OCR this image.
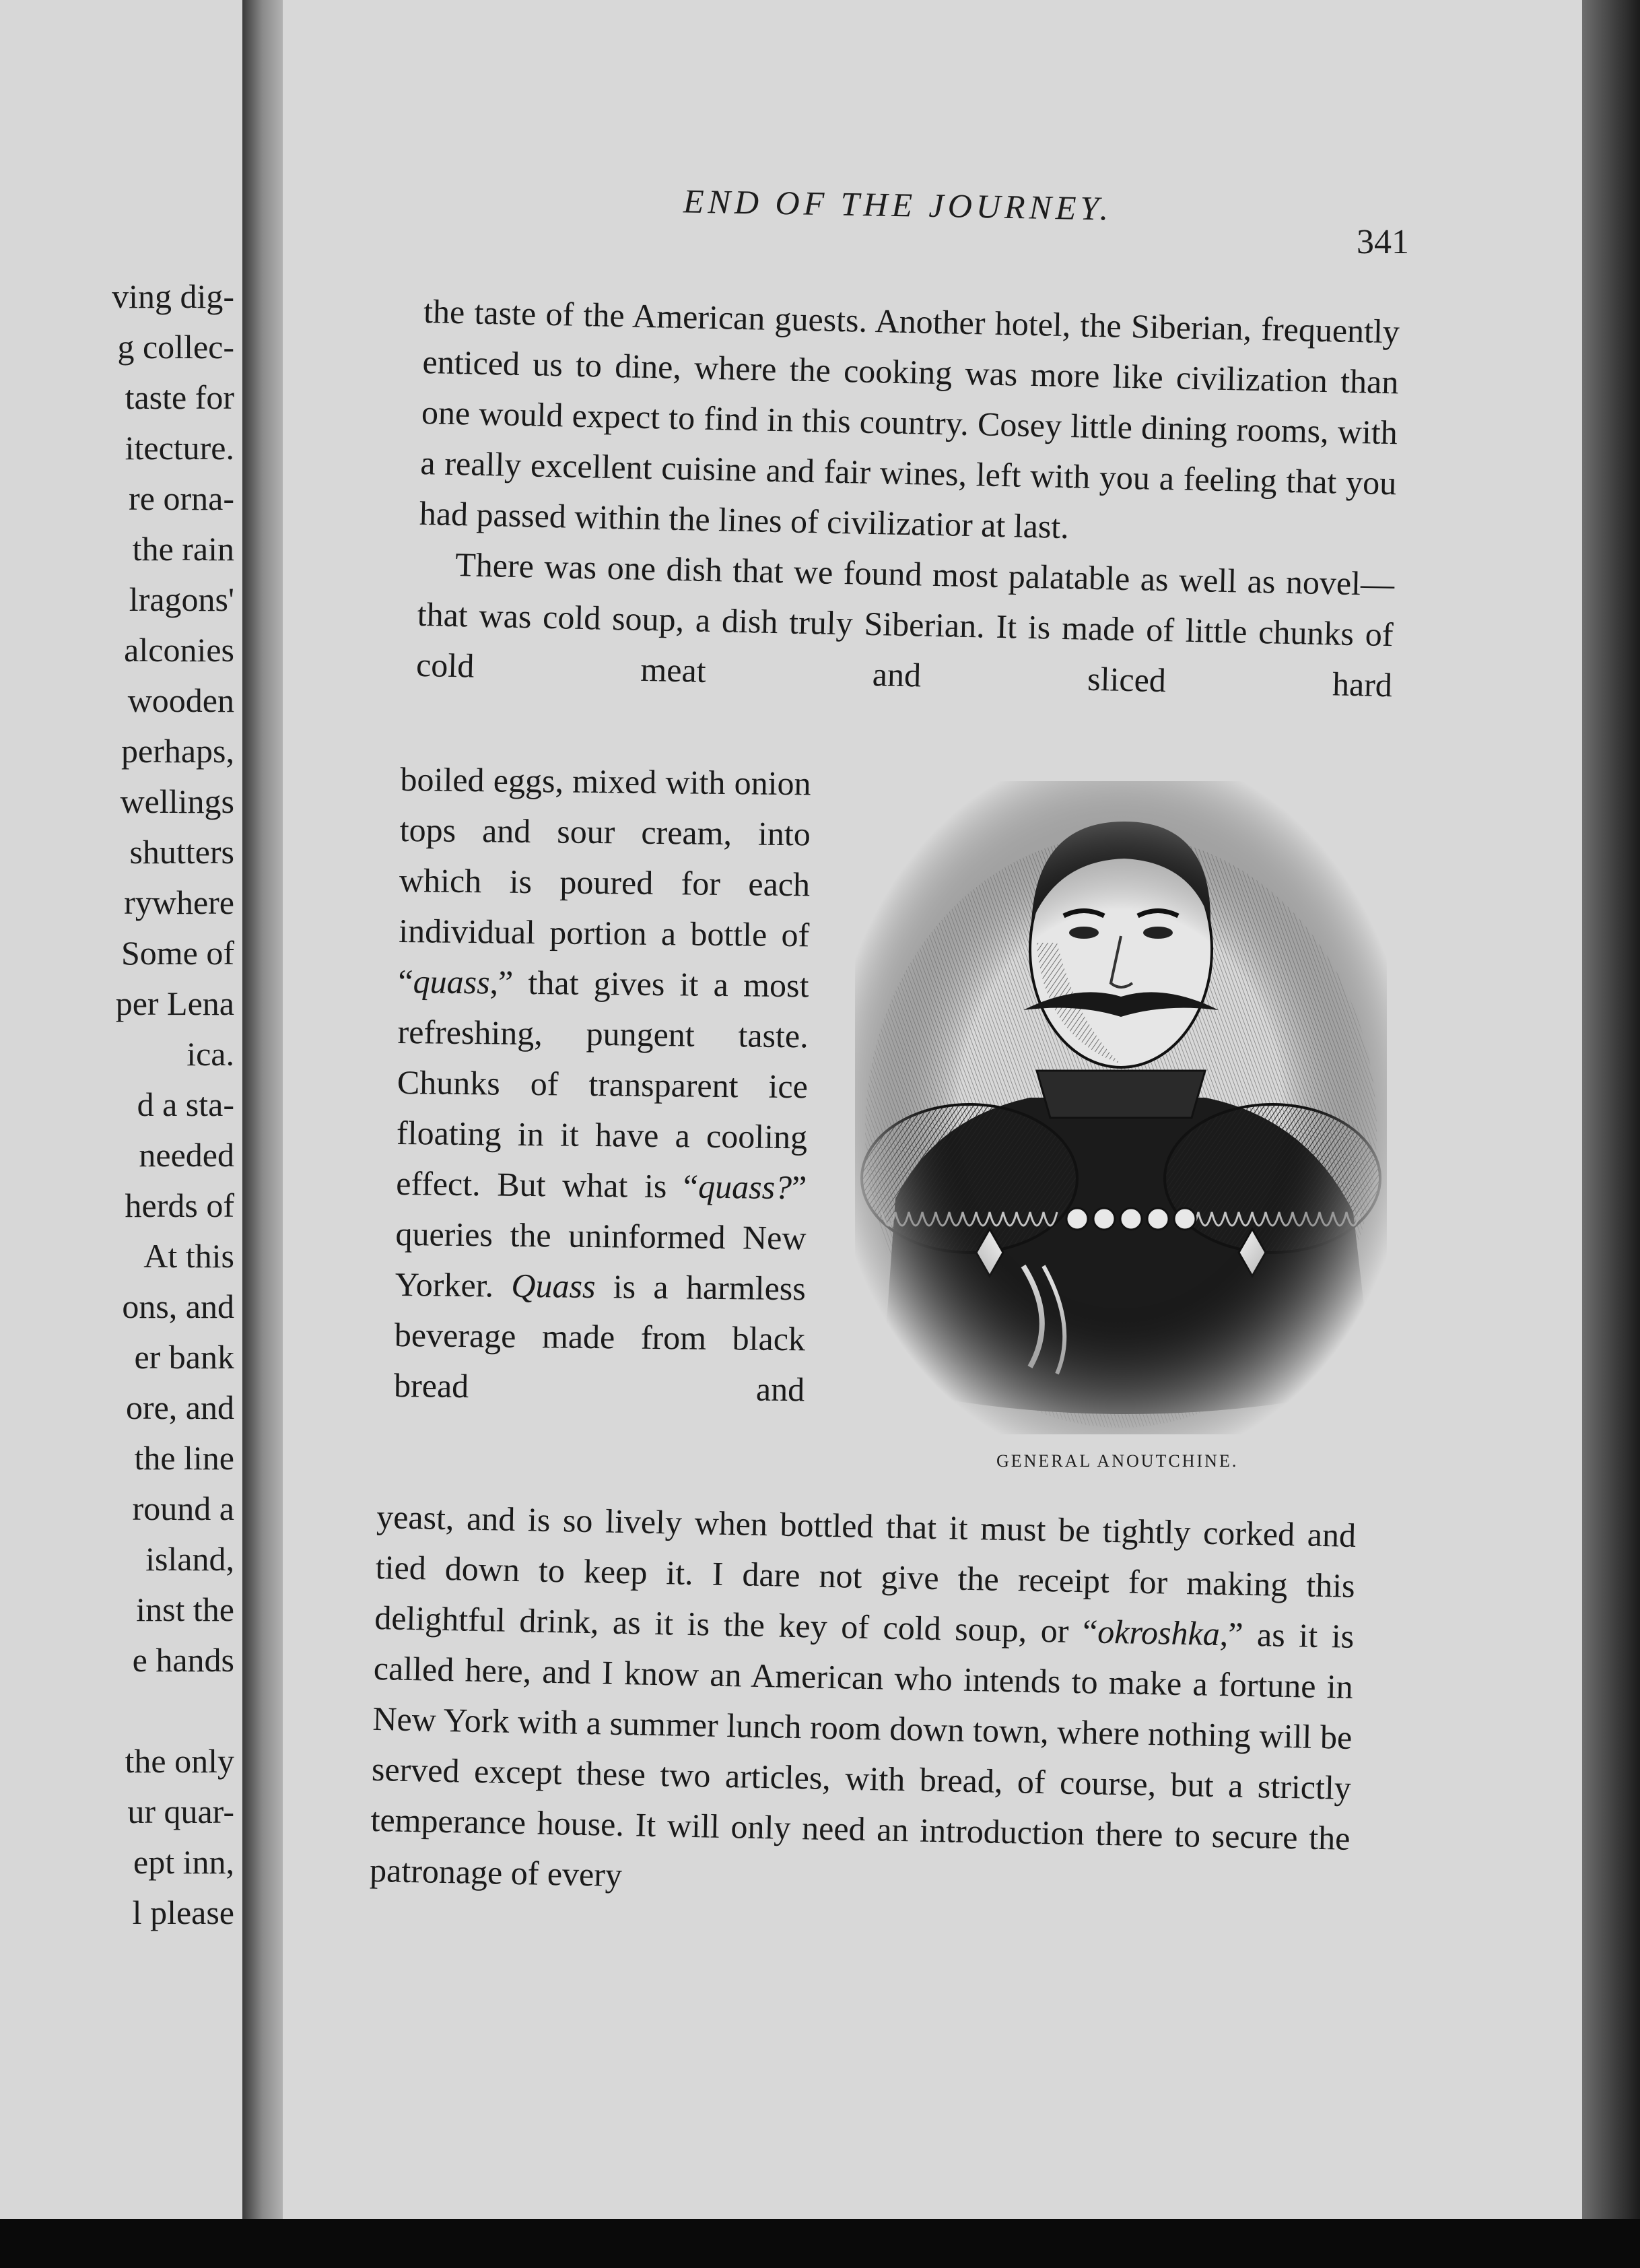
ving dig-
g collec-
taste for
itecture.
re orna-
the rain
lragons'
alconies
wooden
perhaps,
wellings
shutters
rywhere
Some of
per Lena
ica.
d a sta-
needed
herds of
At this
ons, and
er bank
ore, and
the line
round a
island,
inst the
e hands
the only
ur quar-
ept inn,
l please
END OF THE JOURNEY.
341

the taste of the American guests. Another hotel, the Siberian, frequently enticed us to dine, where the cooking was more like civilization than one would expect to find in this country. Cosey little dining rooms, with a really excellent cuisine and fair wines, left with you a feeling that you had passed within the lines of civilizatior at last.

There was one dish that we found most palatable as well as novel—that was cold soup, a dish truly Siberian. It is made of little chunks of cold meat and sliced hard

boiled eggs, mixed with onion tops and sour cream, into which is poured for each individual portion a bottle of “quass,” that gives it a most refreshing, pungent taste. Chunks of transparent ice floating in it have a cooling effect. But what is “quass?” queries the uninformed New Yorker. Quass is a harmless beverage made from black bread and

GENERAL ANOUTCHINE.

yeast, and is so lively when bottled that it must be tightly corked and tied down to keep it. I dare not give the receipt for making this delightful drink, as it is the key of cold soup, or “okroshka,” as it is called here, and I know an American who intends to make a fortune in New York with a summer lunch room down town, where nothing will be served except these two articles, with bread, of course, but a strictly temperance house. It will only need an introduction there to secure the patronage of every
